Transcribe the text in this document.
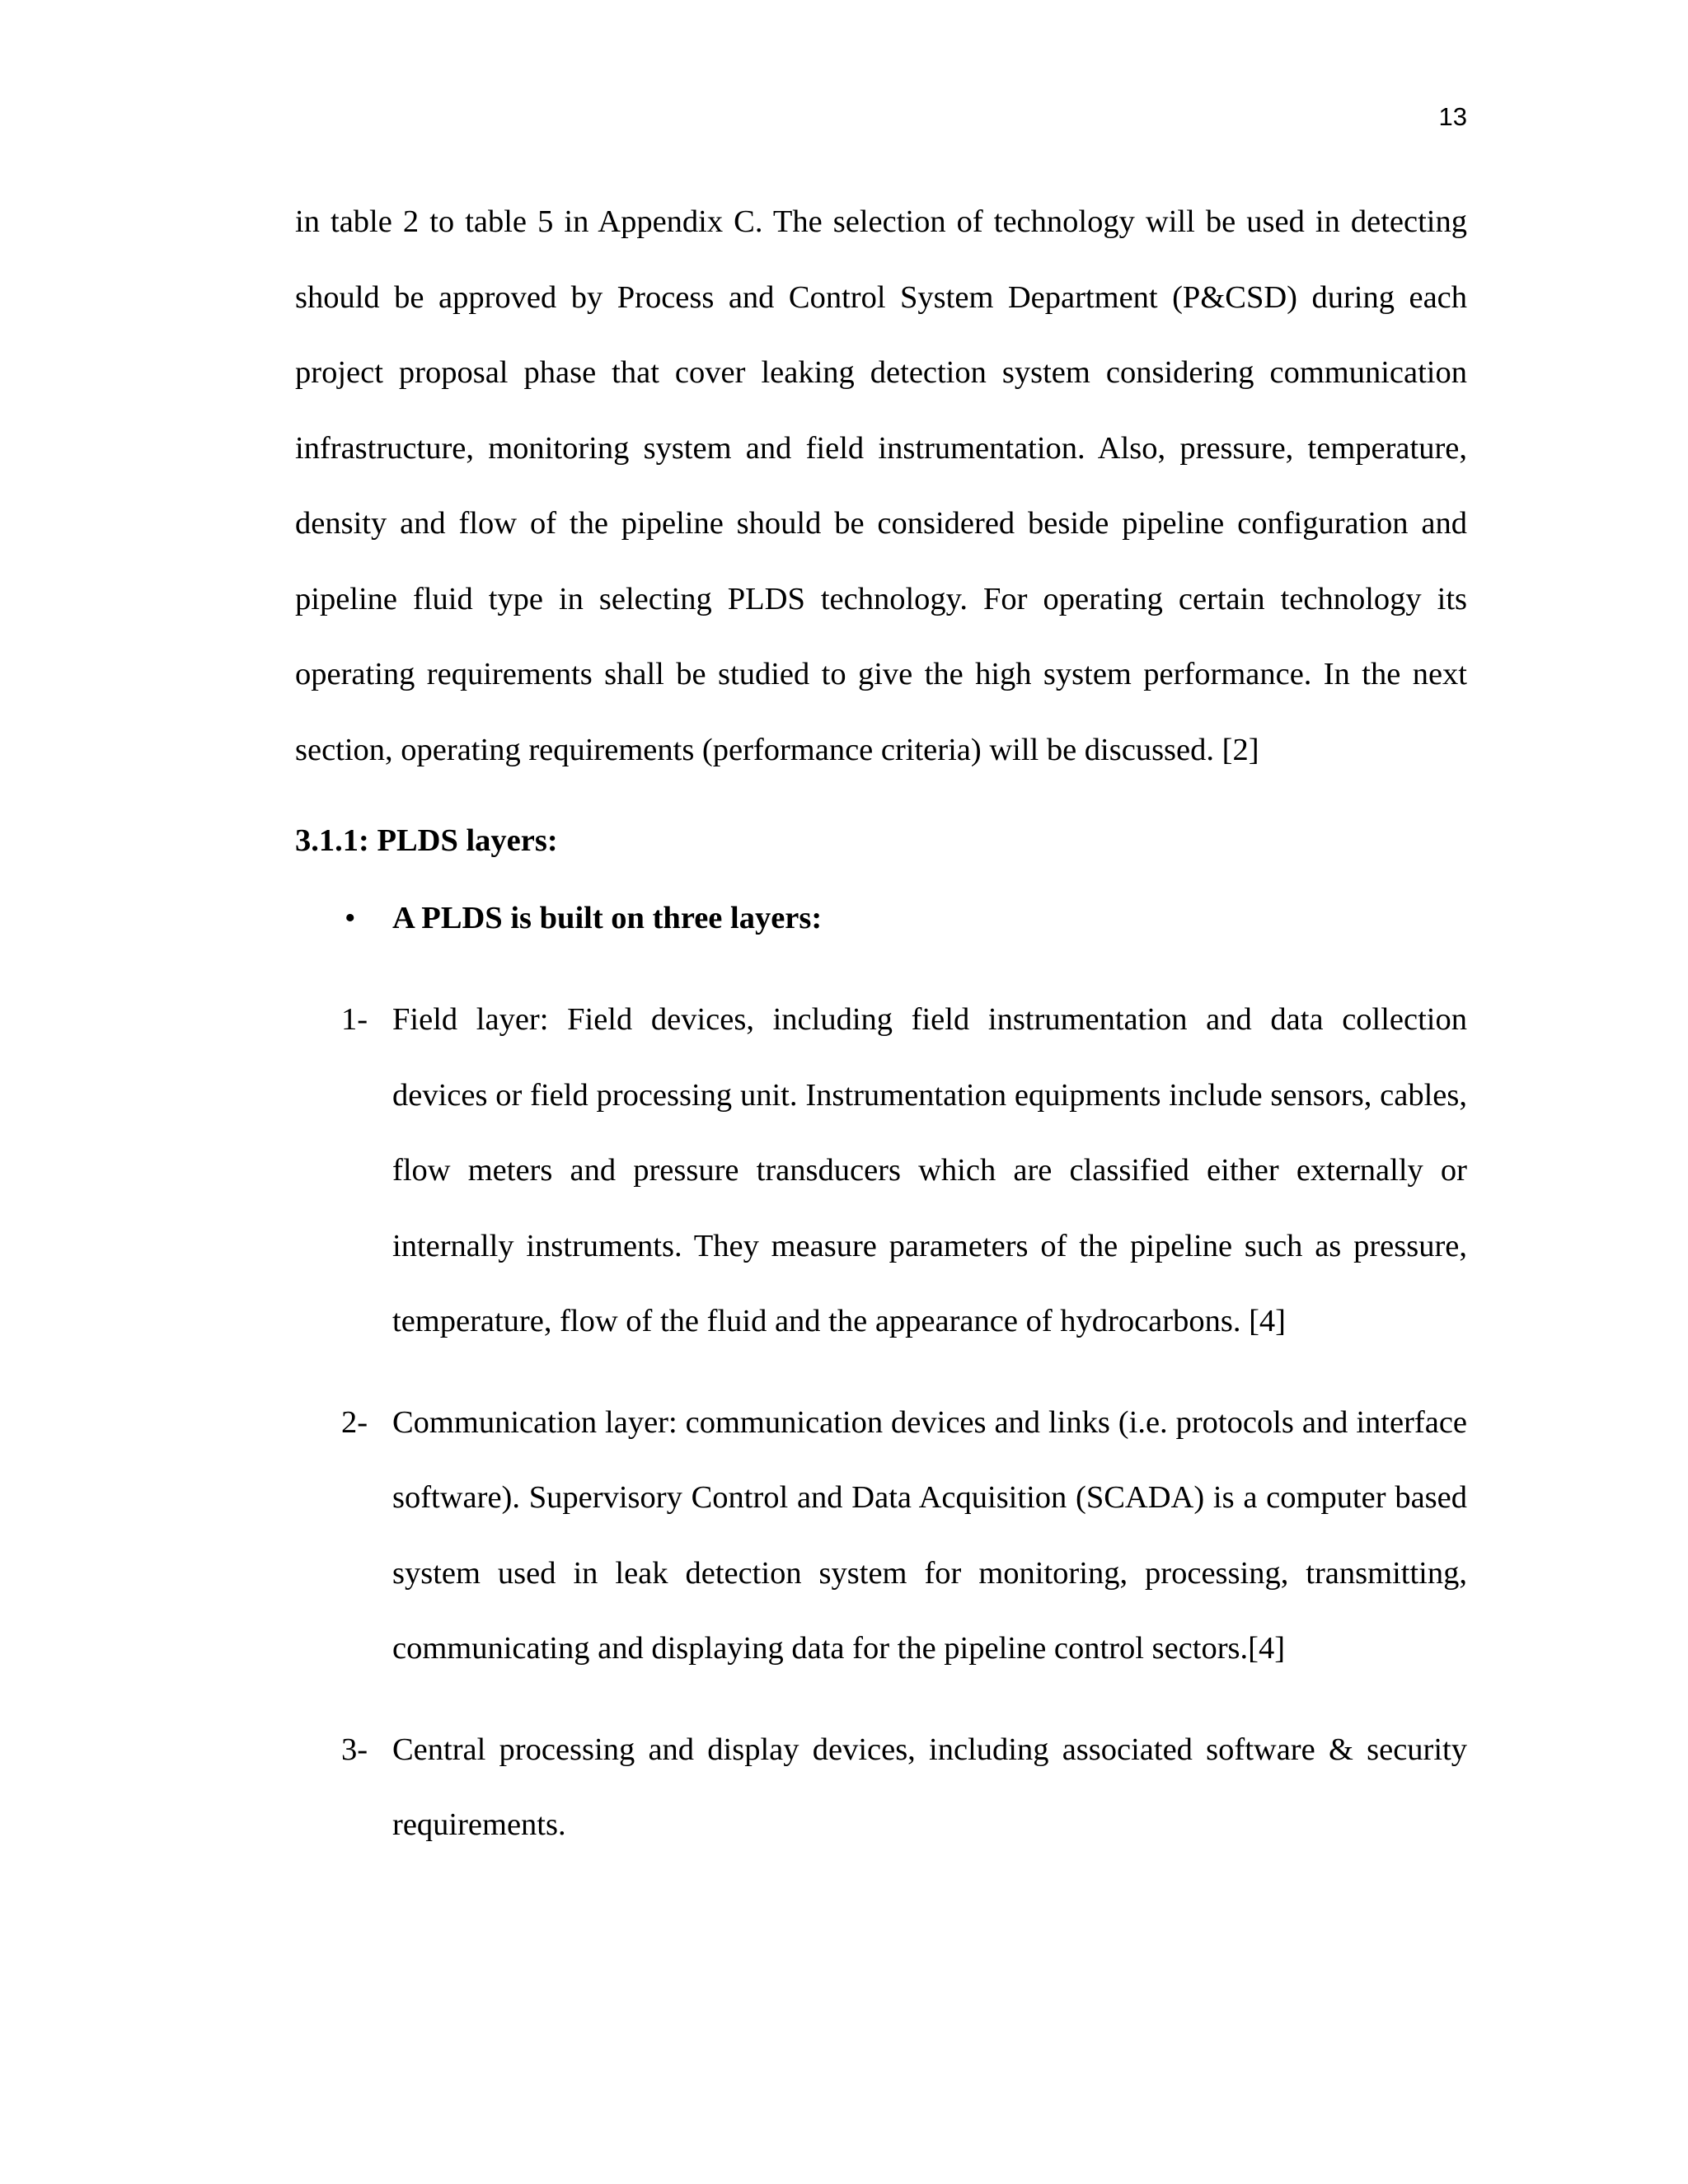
13

in table 2 to table 5 in Appendix C. The selection of technology will be used in detecting should be approved by Process and Control System Department (P&CSD) during each project proposal phase that cover leaking detection system considering communication infrastructure, monitoring system and field instrumentation. Also, pressure, temperature, density and flow of the pipeline should be considered beside pipeline configuration and pipeline fluid type in selecting PLDS technology. For operating certain technology its operating requirements shall be studied to give the high system performance. In the next section, operating requirements (performance criteria) will be discussed. [2]

3.1.1: PLDS layers:

• A PLDS is built on three layers:

1- Field layer: Field devices, including field instrumentation and data collection devices or field processing unit. Instrumentation equipments include sensors, cables, flow meters and pressure transducers which are classified either externally or internally instruments. They measure parameters of the pipeline such as pressure, temperature, flow of the fluid and the appearance of hydrocarbons. [4]

2- Communication layer: communication devices and links (i.e. protocols and interface software). Supervisory Control and Data Acquisition (SCADA) is a computer based system used in leak detection system for monitoring, processing, transmitting, communicating and displaying data for the pipeline control sectors.[4]

3- Central processing and display devices, including associated software & security requirements.
